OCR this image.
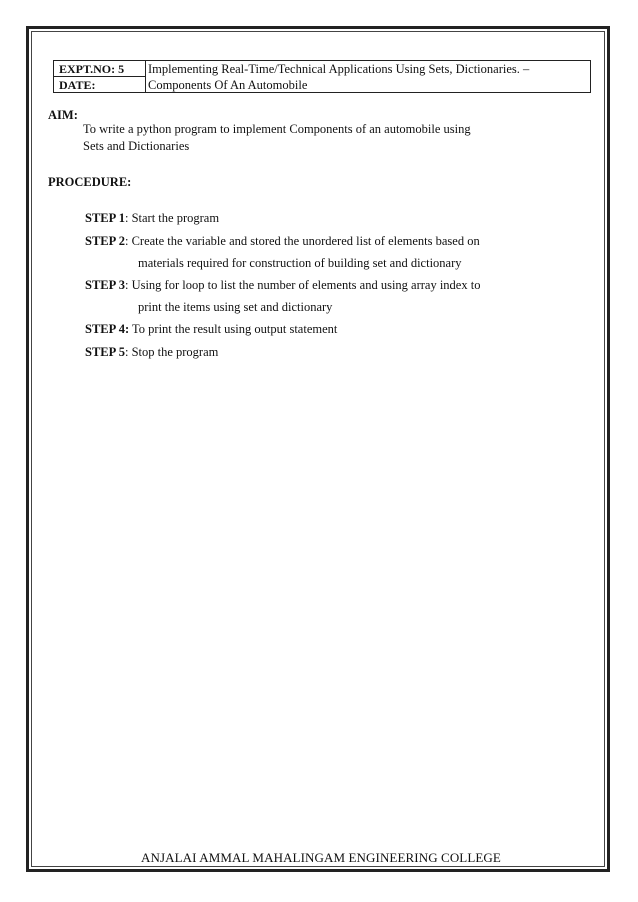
EXPT.NO: 5
DATE:
Implementing Real-Time/Technical Applications Using Sets, Dictionaries. –
Components Of An Automobile
AIM:
To write a python program to implement Components of an automobile using
Sets and Dictionaries
PROCEDURE:
STEP 1: Start the program
STEP 2: Create the variable and stored the unordered list of elements based on
materials required for construction of building set and dictionary
STEP 3: Using for loop to list the number of elements and using array index to
print the items using set and dictionary
STEP 4: To print the result using output statement
STEP 5: Stop the program
ANJALAI AMMAL MAHALINGAM ENGINEERING COLLEGE
